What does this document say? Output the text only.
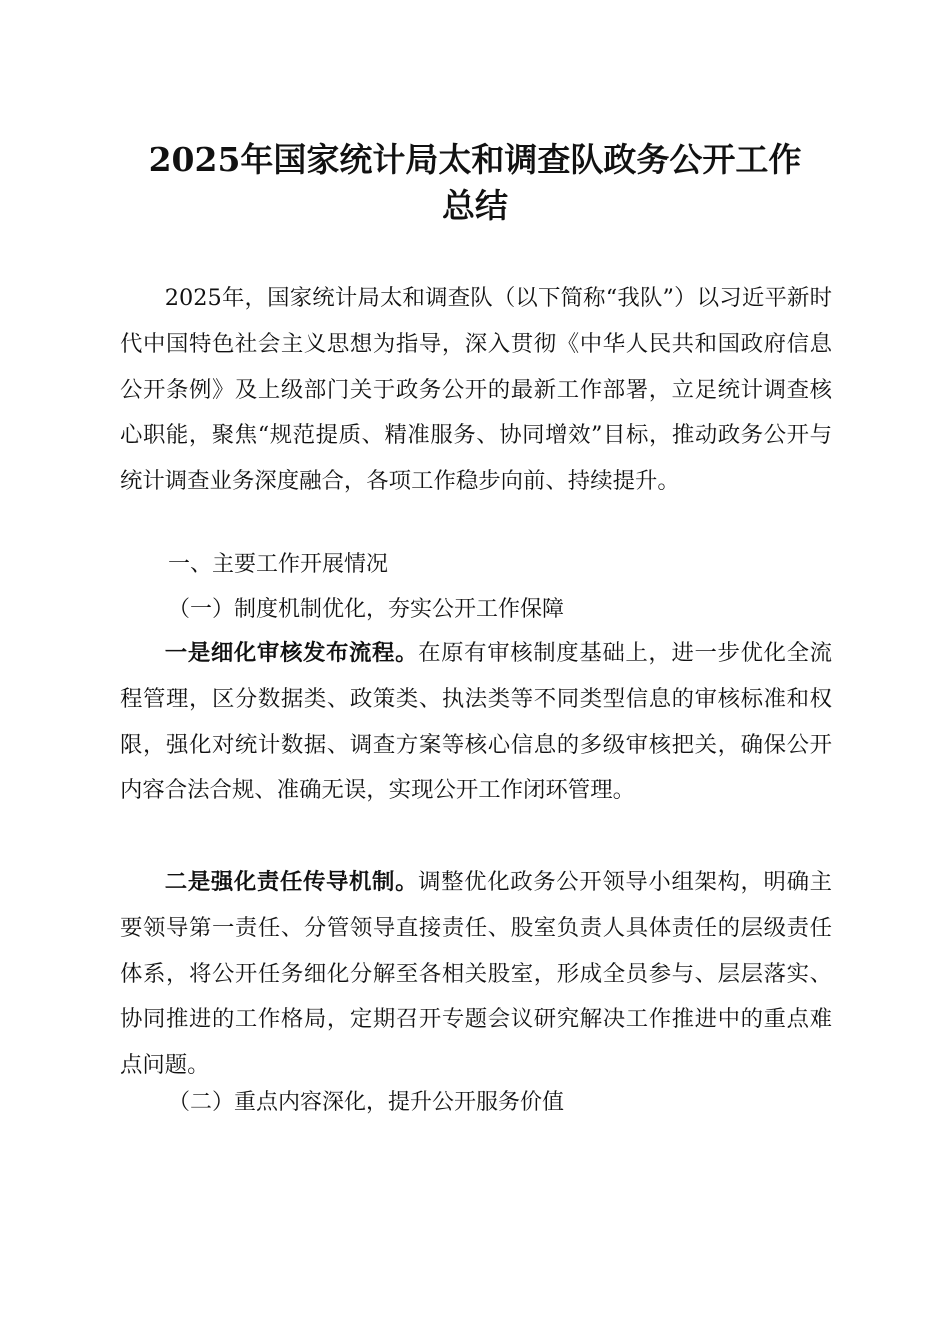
2025年国家统计局太和调查队政务公开工作
总结

2025年，国家统计局太和调查队（以下简称“我队”）以习近平新时代中国特色社会主义思想为指导，深入贯彻《中华人民共和国政府信息公开条例》及上级部门关于政务公开的最新工作部署，立足统计调查核心职能，聚焦“规范提质、精准服务、协同增效”目标，推动政务公开与统计调查业务深度融合，各项工作稳步向前、持续提升。

一、主要工作开展情况

（一）制度机制优化，夯实公开工作保障

一是细化审核发布流程。在原有审核制度基础上，进一步优化全流程管理，区分数据类、政策类、执法类等不同类型信息的审核标准和权限，强化对统计数据、调查方案等核心信息的多级审核把关，确保公开内容合法合规、准确无误，实现公开工作闭环管理。

二是强化责任传导机制。调整优化政务公开领导小组架构，明确主要领导第一责任、分管领导直接责任、股室负责人具体责任的层级责任体系，将公开任务细化分解至各相关股室，形成全员参与、层层落实、协同推进的工作格局，定期召开专题会议研究解决工作推进中的重点难点问题。

（二）重点内容深化，提升公开服务价值
